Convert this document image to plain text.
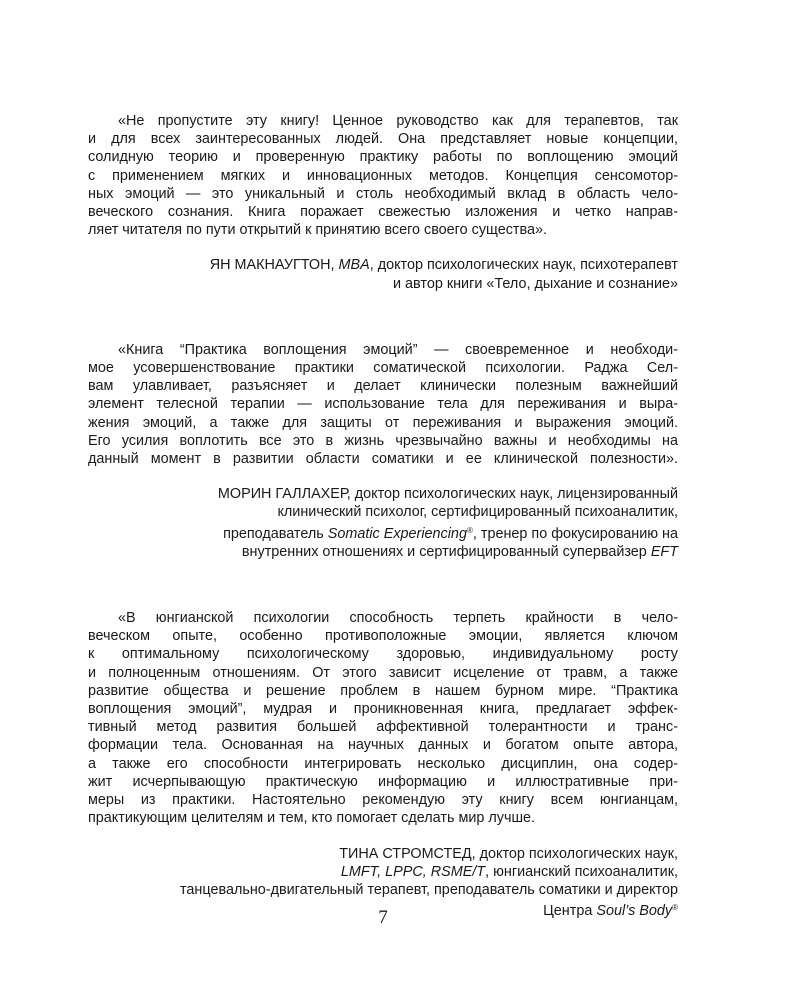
«Не пропустите эту книгу! Ценное руководство как для терапевтов, так
и для всех заинтересованных людей. Она представляет новые концепции,
солидную теорию и проверенную практику работы по воплощению эмоций
с применением мягких и инновационных методов. Концепция сенсомотор-
ных эмоций — это уникальный и столь необходимый вклад в область чело-
веческого сознания. Книга поражает свежестью изложения и четко направ-
ляет читателя по пути открытий к принятию всего своего существа».

ЯН МАКНАУГТОН, MBA, доктор психологических наук, психотерапевт
и автор книги «Тело, дыхание и сознание»

«Книга “Практика воплощения эмоций” — своевременное и необходи-
мое усовершенствование практики соматической психологии. Раджа Сел-
вам улавливает, разъясняет и делает клинически полезным важнейший
элемент телесной терапии — использование тела для переживания и выра-
жения эмоций, а также для защиты от переживания и выражения эмоций.
Его усилия воплотить все это в жизнь чрезвычайно важны и необходимы на
данный момент в развитии области соматики и ее клинической полезности».

МОРИН ГАЛЛАХЕР, доктор психологических наук, лицензированный
клинический психолог, сертифицированный психоаналитик,
преподаватель Somatic Experiencing®, тренер по фокусированию на
внутренних отношениях и сертифицированный супервайзер EFT

«В юнгианской психологии способность терпеть крайности в чело-
веческом опыте, особенно противоположные эмоции, является ключом
к оптимальному психологическому здоровью, индивидуальному росту
и полноценным отношениям. От этого зависит исцеление от травм, а также
развитие общества и решение проблем в нашем бурном мире. “Практика
воплощения эмоций”, мудрая и проникновенная книга, предлагает эффек-
тивный метод развития большей аффективной толерантности и транс-
формации тела. Основанная на научных данных и богатом опыте автора,
а также его способности интегрировать несколько дисциплин, она содер-
жит исчерпывающую практическую информацию и иллюстративные при-
меры из практики. Настоятельно рекомендую эту книгу всем юнгианцам,
практикующим целителям и тем, кто помогает сделать мир лучше.

ТИНА СТРОМСТЕД, доктор психологических наук,
LMFT, LPPC, RSME/T, юнгианский психоаналитик,
танцевально-двигательный терапевт, преподаватель соматики и директор
Центра Soul’s Body®

7
